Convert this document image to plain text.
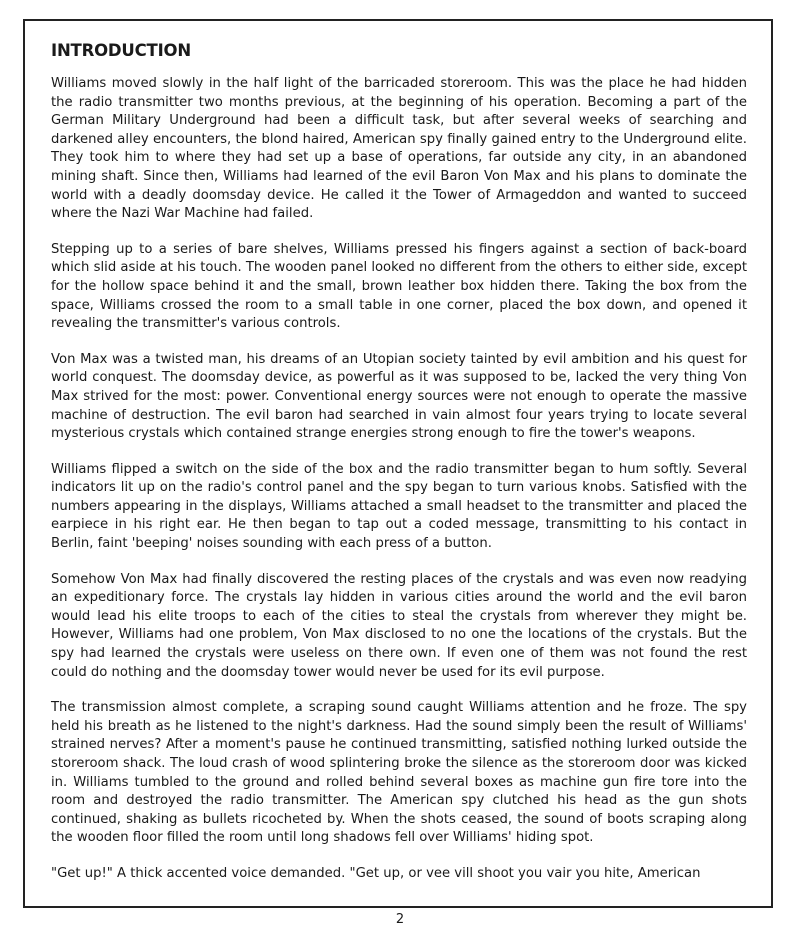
INTRODUCTION

Williams moved slowly in the half light of the barricaded storeroom. This was the place he had hidden the radio transmitter two months previous, at the beginning of his operation. Becoming a part of the German Military Underground had been a difficult task, but after several weeks of searching and darkened alley encounters, the blond haired, American spy finally gained entry to the Underground elite. They took him to where they had set up a base of operations, far outside any city, in an abandoned mining shaft. Since then, Williams had learned of the evil Baron Von Max and his plans to dominate the world with a deadly doomsday device. He called it the Tower of Armageddon and wanted to succeed where the Nazi War Machine had failed.

Stepping up to a series of bare shelves, Williams pressed his fingers against a section of back-board which slid aside at his touch. The wooden panel looked no different from the others to either side, except for the hollow space behind it and the small, brown leather box hidden there. Taking the box from the space, Williams crossed the room to a small table in one corner, placed the box down, and opened it revealing the transmitter's various controls.

Von Max was a twisted man, his dreams of an Utopian society tainted by evil ambition and his quest for world conquest. The doomsday device, as powerful as it was supposed to be, lacked the very thing Von Max strived for the most: power. Conventional energy sources were not enough to operate the massive machine of destruction. The evil baron had searched in vain almost four years trying to locate several mysterious crystals which contained strange energies strong enough to fire the tower's weapons.

Williams flipped a switch on the side of the box and the radio transmitter began to hum softly. Several indicators lit up on the radio's control panel and the spy began to turn various knobs. Satisfied with the numbers appearing in the displays, Williams attached a small headset to the transmitter and placed the earpiece in his right ear. He then began to tap out a coded message, transmitting to his contact in Berlin, faint 'beeping' noises sounding with each press of a button.

Somehow Von Max had finally discovered the resting places of the crystals and was even now readying an expeditionary force. The crystals lay hidden in various cities around the world and the evil baron would lead his elite troops to each of the cities to steal the crystals from wherever they might be. However, Williams had one problem, Von Max disclosed to no one the locations of the crystals. But the spy had learned the crystals were useless on there own. If even one of them was not found the rest could do nothing and the doomsday tower would never be used for its evil purpose.

The transmission almost complete, a scraping sound caught Williams attention and he froze. The spy held his breath as he listened to the night's darkness. Had the sound simply been the result of Williams' strained nerves? After a moment's pause he continued transmitting, satisfied nothing lurked outside the storeroom shack. The loud crash of wood splintering broke the silence as the storeroom door was kicked in. Williams tumbled to the ground and rolled behind several boxes as machine gun fire tore into the room and destroyed the radio transmitter. The American spy clutched his head as the gun shots continued, shaking as bullets ricocheted by. When the shots ceased, the sound of boots scraping along the wooden floor filled the room until long shadows fell over Williams' hiding spot.

"Get up!" A thick accented voice demanded. "Get up, or vee vill shoot you vair you hite, American

2
